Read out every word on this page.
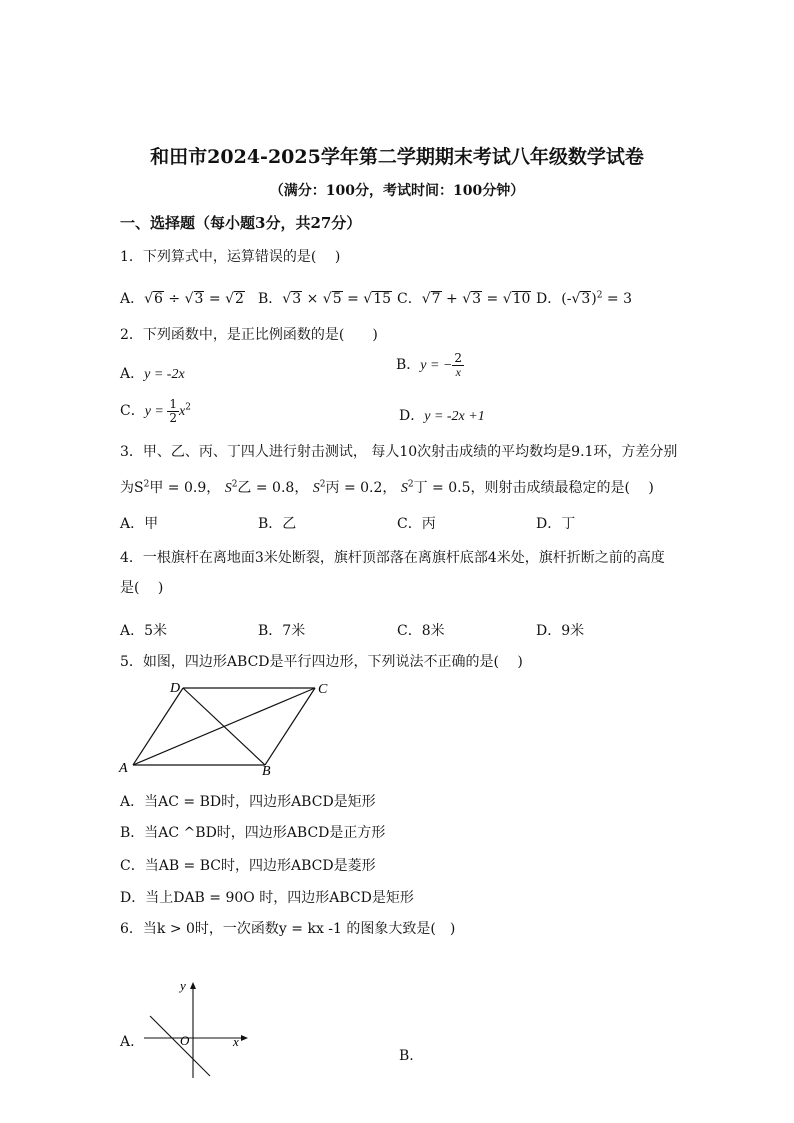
和田市2024-2025学年第二学期期末考试八年级数学试卷
（满分：100分，考试时间：100分钟）
一、选择题（每小题3分，共27分）
1．下列算式中，运算错误的是(　 )
A．√6 ÷ √3 = √2 B．√3 × √5 = √15 C．√7 + √3 = √10 D．$(-√3)^2 = 3$
2．下列函数中，是正比例函数的是(　　)
A．y = -2x
B．y = − $\frac{2}{x}$
C．$y = \frac{1}{2} x^2$
D．y = -2x +1
3．甲、乙、丙、丁四人进行射击测试， 每人10次射击成绩的平均数均是9.1环，方差分别
为$S^2$甲 = 0.9， $S^2$乙 = 0.8， $S^2$丙 = 0.2， $S^2$丁 = 0.5，则射击成绩最稳定的是(　 )
A．甲	B．乙	C．丙	D．丁
4．一根旗杆在离地面3米处断裂，旗杆顶部落在离旗杆底部4米处，旗杆折断之前的高度
是(　 )
A．5米	B．7米	C．8米	D．9米
5．如图，四边形ABCD是平行四边形，下列说法不正确的是(　 )
A	B
C
D
A．当AC = BD时，四边形ABCD是矩形
B．当AC ^BD时，四边形ABCD是正方形
C．当AB = BC时，四边形ABCD是菱形
D．当上DAB = 90O 时，四边形ABCD是矩形
6．当k > 0时，一次函数y = kx -1 的图象大致是(　)
A.
y
x
O
B.
